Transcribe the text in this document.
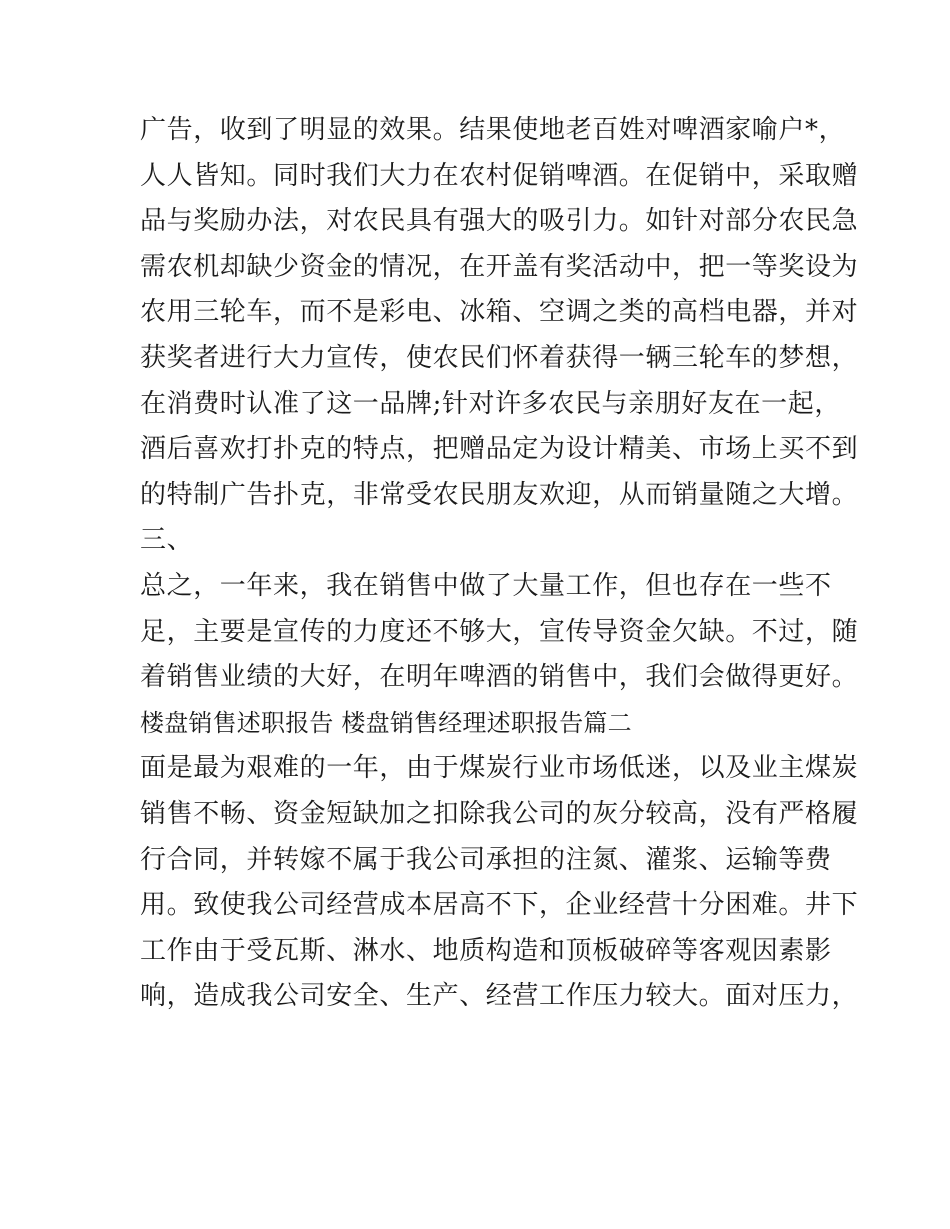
广告，收到了明显的效果。结果使地老百姓对啤酒家喻户*，
人人皆知。同时我们大力在农村促销啤酒。在促销中，采取赠
品与奖励办法，对农民具有强大的吸引力。如针对部分农民急
需农机却缺少资金的情况，在开盖有奖活动中，把一等奖设为
农用三轮车，而不是彩电、冰箱、空调之类的高档电器，并对
获奖者进行大力宣传，使农民们怀着获得一辆三轮车的梦想，
在消费时认准了这一品牌;针对许多农民与亲朋好友在一起，
酒后喜欢打扑克的特点，把赠品定为设计精美、市场上买不到
的特制广告扑克，非常受农民朋友欢迎，从而销量随之大增。
三、
总之，一年来，我在销售中做了大量工作，但也存在一些不
足，主要是宣传的力度还不够大，宣传导资金欠缺。不过，随
着销售业绩的大好，在明年啤酒的销售中，我们会做得更好。
楼盘销售述职报告 楼盘销售经理述职报告篇二
面是最为艰难的一年，由于煤炭行业市场低迷，以及业主煤炭
销售不畅、资金短缺加之扣除我公司的灰分较高，没有严格履
行合同，并转嫁不属于我公司承担的注氮、灌浆、运输等费
用。致使我公司经营成本居高不下，企业经营十分困难。井下
工作由于受瓦斯、淋水、地质构造和顶板破碎等客观因素影
响，造成我公司安全、生产、经营工作压力较大。面对压力，
